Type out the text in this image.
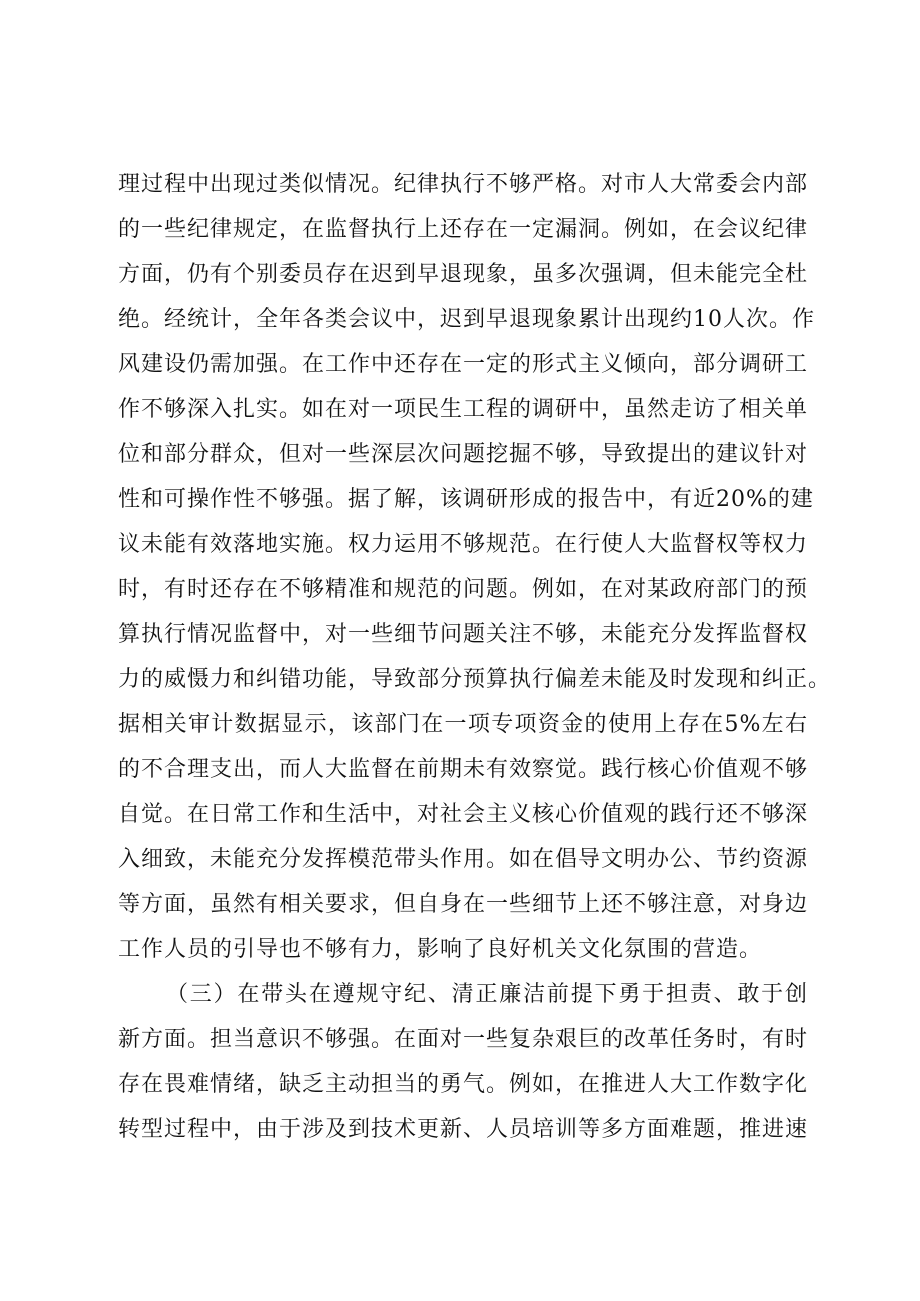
理过程中出现过类似情况。纪律执行不够严格。对市人大常委会内部
的一些纪律规定，在监督执行上还存在一定漏洞。例如，在会议纪律
方面，仍有个别委员存在迟到早退现象，虽多次强调，但未能完全杜
绝。经统计，全年各类会议中，迟到早退现象累计出现约10人次。作
风建设仍需加强。在工作中还存在一定的形式主义倾向，部分调研工
作不够深入扎实。如在对一项民生工程的调研中，虽然走访了相关单
位和部分群众，但对一些深层次问题挖掘不够，导致提出的建议针对
性和可操作性不够强。据了解，该调研形成的报告中，有近20%的建
议未能有效落地实施。权力运用不够规范。在行使人大监督权等权力
时，有时还存在不够精准和规范的问题。例如，在对某政府部门的预
算执行情况监督中，对一些细节问题关注不够，未能充分发挥监督权
力的威慑力和纠错功能，导致部分预算执行偏差未能及时发现和纠正。
据相关审计数据显示，该部门在一项专项资金的使用上存在5%左右
的不合理支出，而人大监督在前期未有效察觉。践行核心价值观不够
自觉。在日常工作和生活中，对社会主义核心价值观的践行还不够深
入细致，未能充分发挥模范带头作用。如在倡导文明办公、节约资源
等方面，虽然有相关要求，但自身在一些细节上还不够注意，对身边
工作人员的引导也不够有力，影响了良好机关文化氛围的营造。
（三）在带头在遵规守纪、清正廉洁前提下勇于担责、敢于创
新方面。担当意识不够强。在面对一些复杂艰巨的改革任务时，有时
存在畏难情绪，缺乏主动担当的勇气。例如，在推进人大工作数字化
转型过程中，由于涉及到技术更新、人员培训等多方面难题，推进速
